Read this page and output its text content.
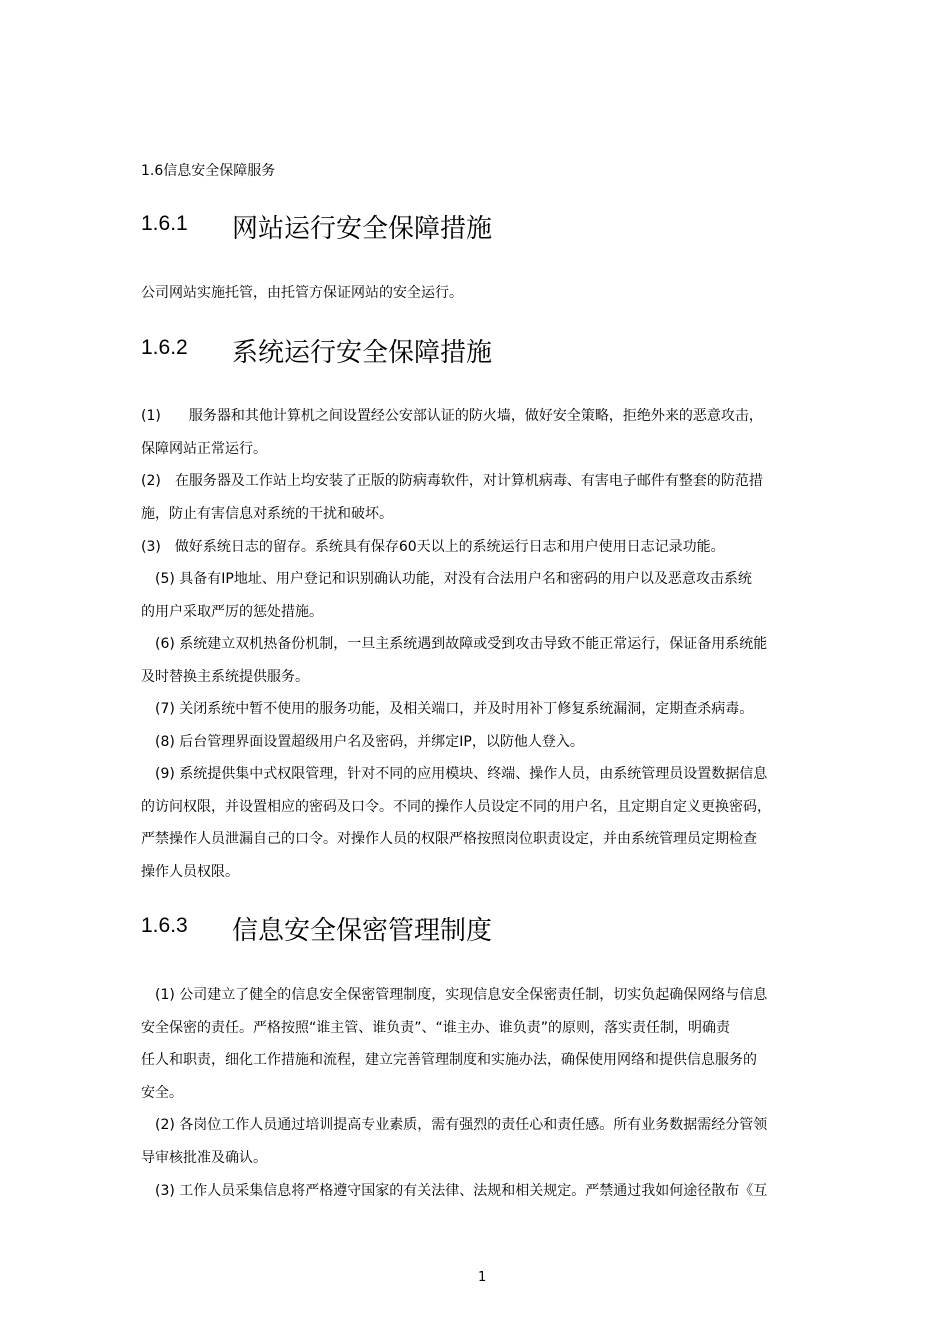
1.6信息安全保障服务
1.6.1 网站运行安全保障措施
公司网站实施托管，由托管方保证网站的安全运行。
1.6.2 系统运行安全保障措施
(1)　　服务器和其他计算机之间设置经公安部认证的防火墙，做好安全策略，拒绝外来的恶意攻击，
保障网站正常运行。
(2)　在服务器及工作站上均安装了正版的防病毒软件，对计算机病毒、有害电子邮件有整套的防范措
施，防止有害信息对系统的干扰和破坏。
(3)　做好系统日志的留存。系统具有保存60天以上的系统运行日志和用户使用日志记录功能。
　(5) 具备有IP地址、用户登记和识别确认功能，对没有合法用户名和密码的用户以及恶意攻击系统
的用户采取严厉的惩处措施。
　(6) 系统建立双机热备份机制，一旦主系统遇到故障或受到攻击导致不能正常运行，保证备用系统能
及时替换主系统提供服务。
　(7) 关闭系统中暂不使用的服务功能，及相关端口，并及时用补丁修复系统漏洞，定期查杀病毒。
　(8) 后台管理界面设置超级用户名及密码，并绑定IP，以防他人登入。
　(9) 系统提供集中式权限管理，针对不同的应用模块、终端、操作人员，由系统管理员设置数据信息
的访问权限，并设置相应的密码及口令。不同的操作人员设定不同的用户名，且定期自定义更换密码，
严禁操作人员泄漏自己的口令。对操作人员的权限严格按照岗位职责设定，并由系统管理员定期检查
操作人员权限。
1.6.3 信息安全保密管理制度
　(1) 公司建立了健全的信息安全保密管理制度，实现信息安全保密责任制，切实负起确保网络与信息
安全保密的责任。严格按照“谁主管、谁负责”、“谁主办、谁负责”的原则，落实责任制，明确责
任人和职责，细化工作措施和流程，建立完善管理制度和实施办法，确保使用网络和提供信息服务的
安全。
　(2) 各岗位工作人员通过培训提高专业素质，需有强烈的责任心和责任感。所有业务数据需经分管领
导审核批准及确认。
　(3) 工作人员采集信息将严格遵守国家的有关法律、法规和相关规定。严禁通过我如何途径散布《互
1
